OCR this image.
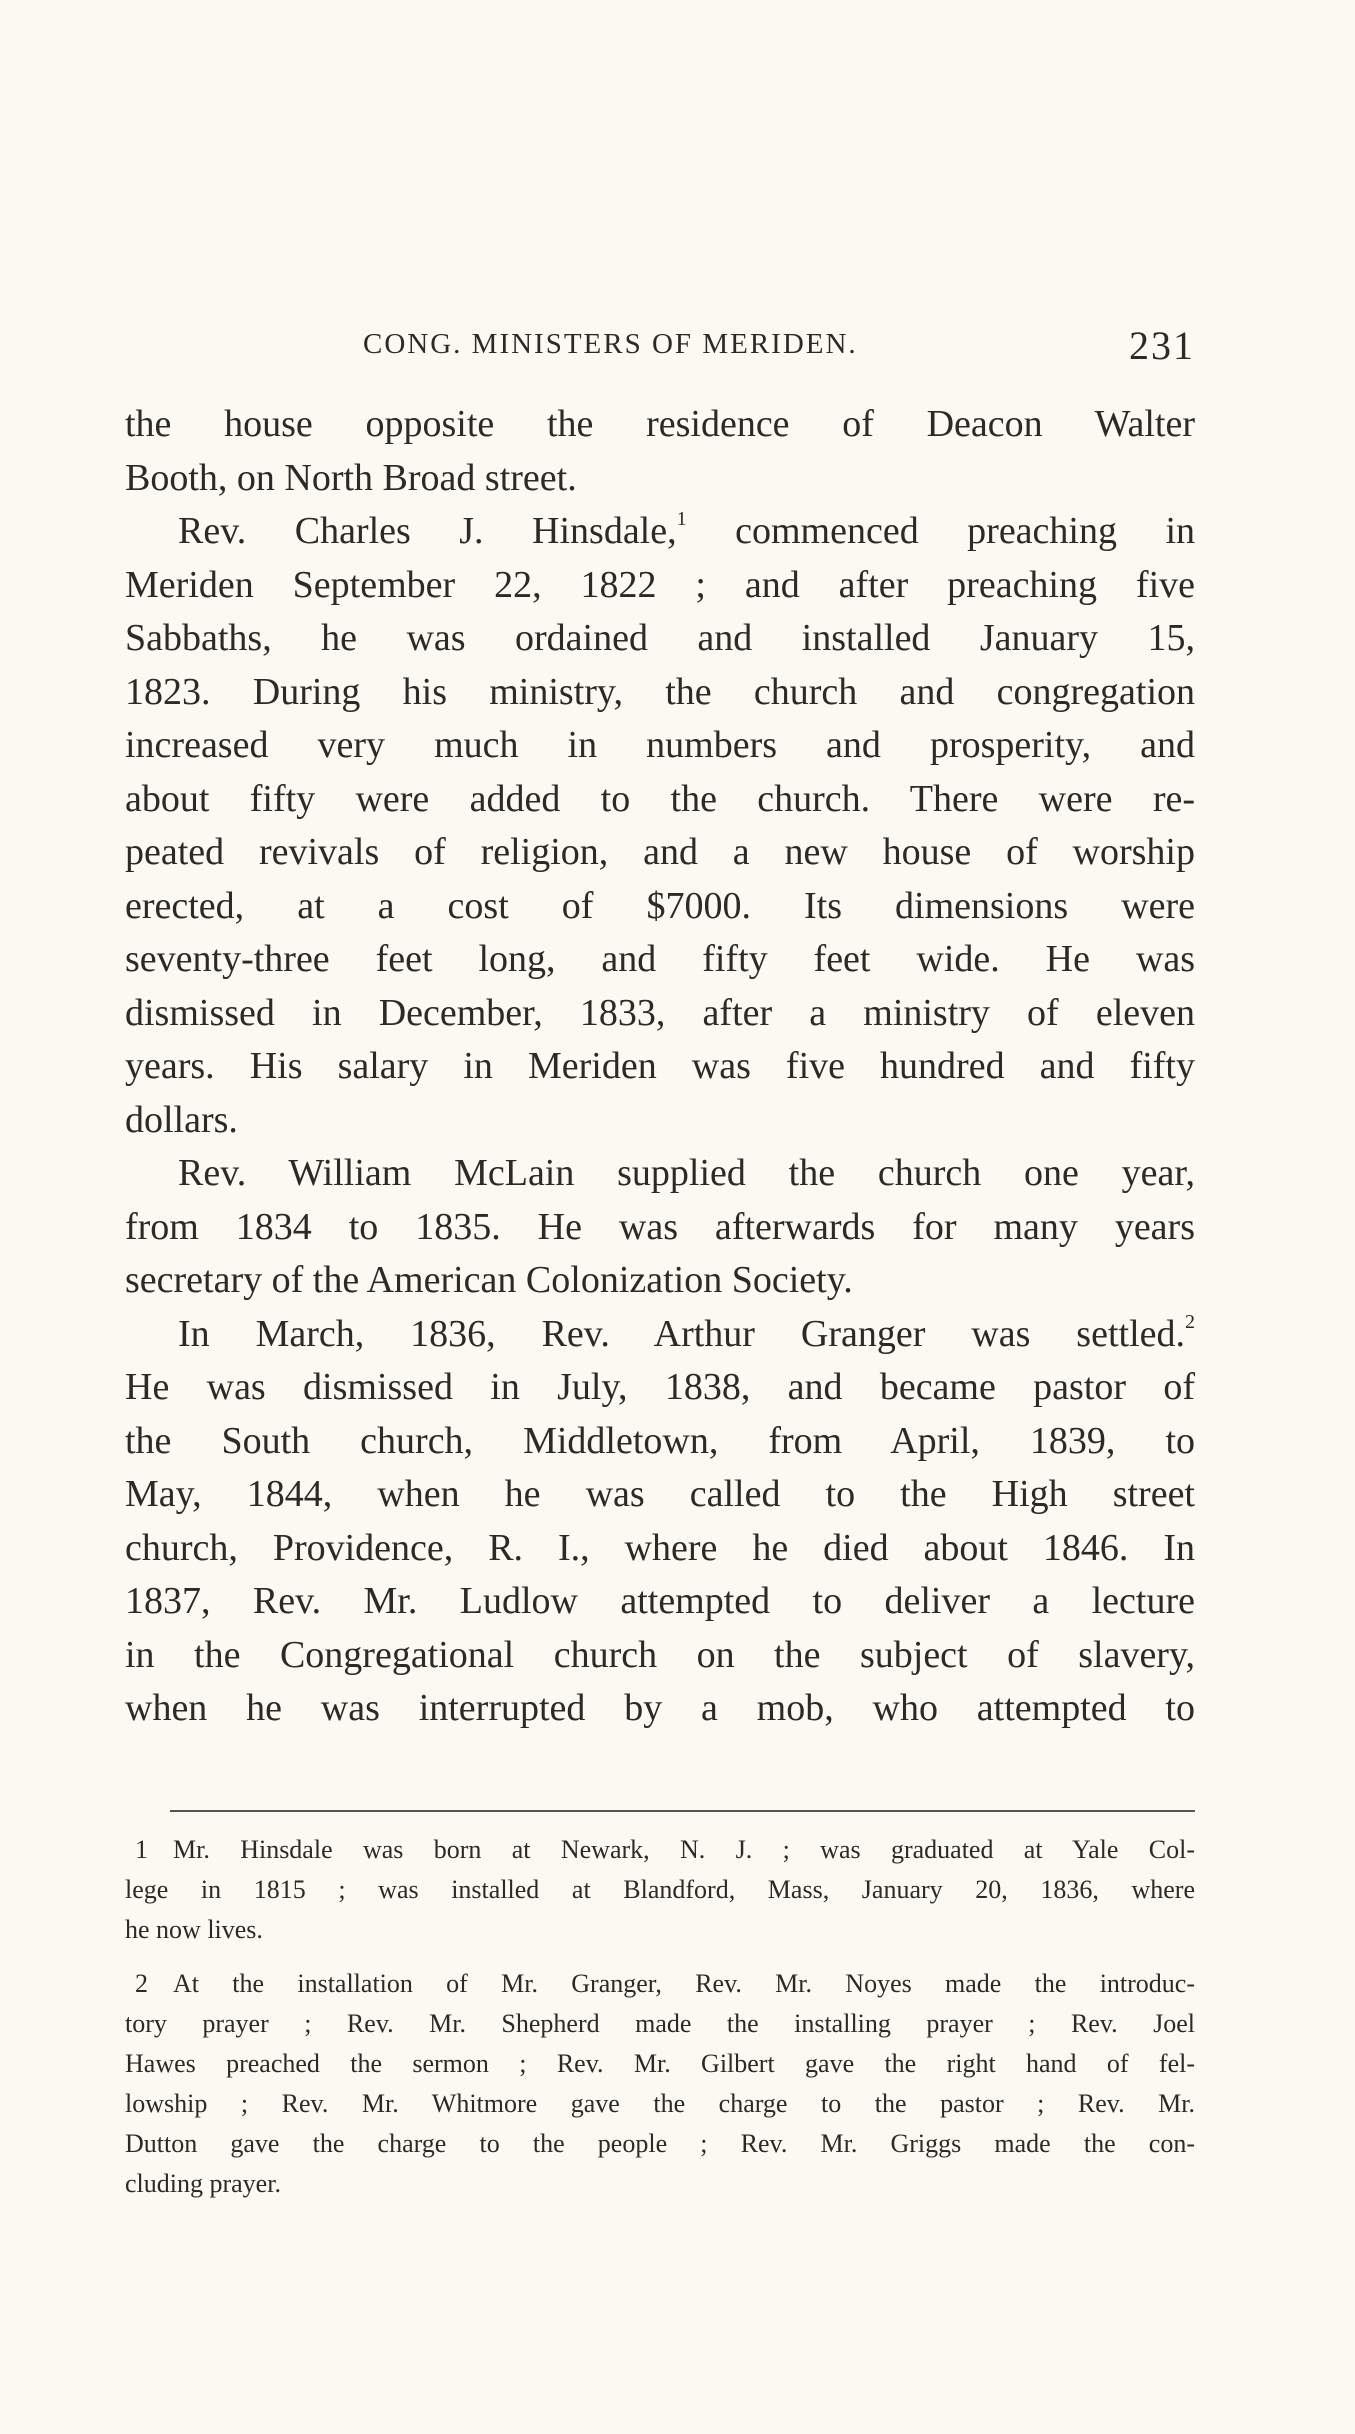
CONG. MINISTERS OF MERIDEN.	231
the house opposite the residence of Deacon Walter
Booth, on North Broad street.
Rev. Charles J. Hinsdale,$^1$ commenced preaching in
Meriden September 22, 1822 ; and after preaching five
Sabbaths, he was ordained and installed January 15,
1823. During his ministry, the church and congregation
increased very much in numbers and prosperity, and
about fifty were added to the church. There were re-
peated revivals of religion, and a new house of worship
erected, at a cost of $7000. Its dimensions were
seventy-three feet long, and fifty feet wide. He was
dismissed in December, 1833, after a ministry of eleven
years. His salary in Meriden was five hundred and fifty
dollars.
Rev. William McLain supplied the church one year,
from 1834 to 1835. He was afterwards for many years
secretary of the American Colonization Society.
In March, 1836, Rev. Arthur Granger was settled.$^2$
He was dismissed in July, 1838, and became pastor of
the South church, Middletown, from April, 1839, to
May, 1844, when he was called to the High street
church, Providence, R. I., where he died about 1846. In
1837, Rev. Mr. Ludlow attempted to deliver a lecture
in the Congregational church on the subject of slavery,
when he was interrupted by a mob, who attempted to
1 Mr. Hinsdale was born at Newark, N. J. ; was graduated at Yale Col-
lege in 1815 ; was installed at Blandford, Mass, January 20, 1836, where
he now lives.
2 At the installation of Mr. Granger, Rev. Mr. Noyes made the introduc-
tory prayer ; Rev. Mr. Shepherd made the installing prayer ; Rev. Joel
Hawes preached the sermon ; Rev. Mr. Gilbert gave the right hand of fel-
lowship ; Rev. Mr. Whitmore gave the charge to the pastor ; Rev. Mr.
Dutton gave the charge to the people ; Rev. Mr. Griggs made the con-
cluding prayer.
